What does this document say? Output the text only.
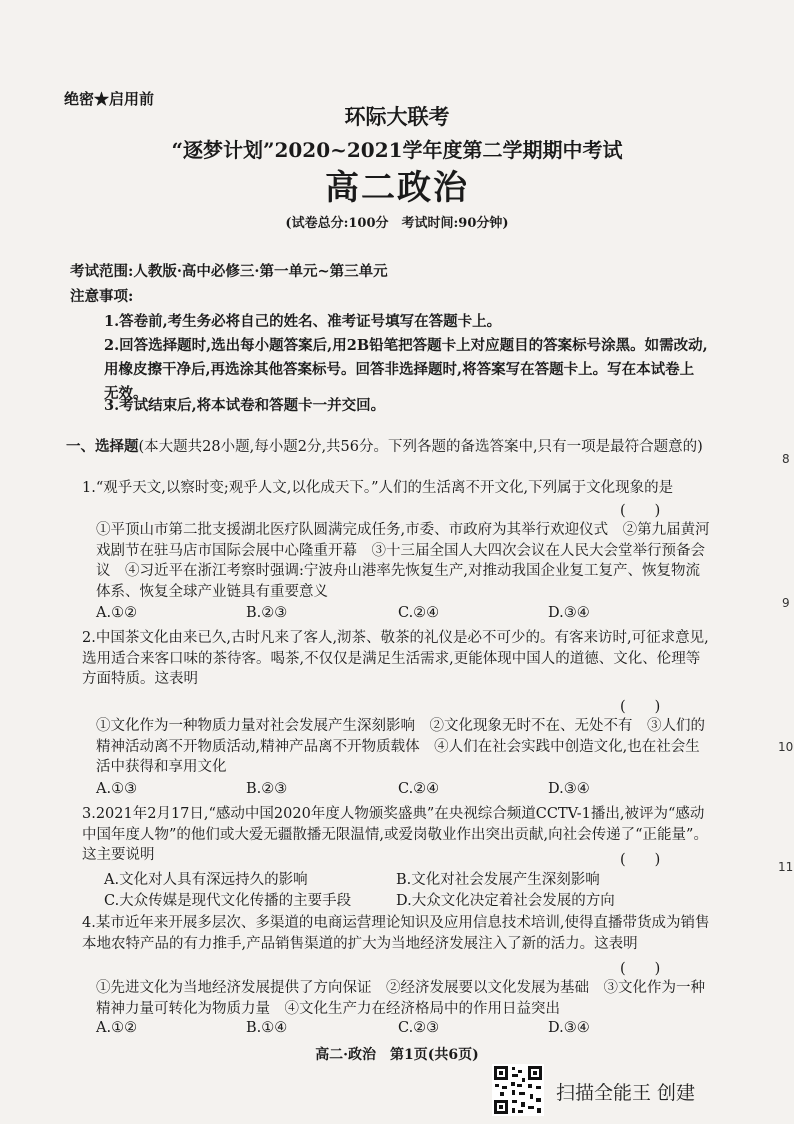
绝密★启用前
环际大联考
“逐梦计划”2020~2021学年度第二学期期中考试
高二政治
(试卷总分:100分　考试时间:90分钟)
考试范围:人教版·高中必修三·第一单元~第三单元
注意事项:
1.答卷前,考生务必将自己的姓名、准考证号填写在答题卡上。
2.回答选择题时,选出每小题答案后,用2B铅笔把答题卡上对应题目的答案标号涂黑。如需改动,用橡皮擦干净后,再选涂其他答案标号。回答非选择题时,将答案写在答题卡上。写在本试卷上无效。
3.考试结束后,将本试卷和答题卡一并交回。
一、选择题(本大题共28小题,每小题2分,共56分。下列各题的备选答案中,只有一项是最符合题意的)
1.“观乎天文,以察时变;观乎人文,以化成天下。”人们的生活离不开文化,下列属于文化现象的是
(　　)
①平顶山市第二批支援湖北医疗队圆满完成任务,市委、市政府为其举行欢迎仪式　②第九届黄河戏剧节在驻马店市国际会展中心隆重开幕　③十三届全国人大四次会议在人民大会堂举行预备会议　④习近平在浙江考察时强调:宁波舟山港率先恢复生产,对推动我国企业复工复产、恢复物流体系、恢复全球产业链具有重要意义
A.①②	B.②③	C.②④	D.③④
2.中国茶文化由来已久,古时凡来了客人,沏茶、敬茶的礼仪是必不可少的。有客来访时,可征求意见,选用适合来客口味的茶待客。喝茶,不仅仅是满足生活需求,更能体现中国人的道德、文化、伦理等方面特质。这表明
(　　)
①文化作为一种物质力量对社会发展产生深刻影响　②文化现象无时不在、无处不有　③人们的精神活动离不开物质活动,精神产品离不开物质载体　④人们在社会实践中创造文化,也在社会生活中获得和享用文化
A.①③	B.②③	C.②④	D.③④
3.2021年2月17日,“感动中国2020年度人物颁奖盛典”在央视综合频道CCTV-1播出,被评为“感动中国年度人物”的他们或大爱无疆散播无限温情,或爱岗敬业作出突出贡献,向社会传递了“正能量”。这主要说明	(　　)
A.文化对人具有深远持久的影响	B.文化对社会发展产生深刻影响
C.大众传媒是现代文化传播的主要手段	D.大众文化决定着社会发展的方向
4.某市近年来开展多层次、多渠道的电商运营理论知识及应用信息技术培训,使得直播带货成为销售本地农特产品的有力推手,产品销售渠道的扩大为当地经济发展注入了新的活力。这表明
(　　)
①先进文化为当地经济发展提供了方向保证　②经济发展要以文化发展为基础　③文化作为一种精神力量可转化为物质力量　④文化生产力在经济格局中的作用日益突出
A.①②	B.①④	C.②③	D.③④
高二·政治　第1页(共6页)
8
9
10
11
扫描全能王 创建
